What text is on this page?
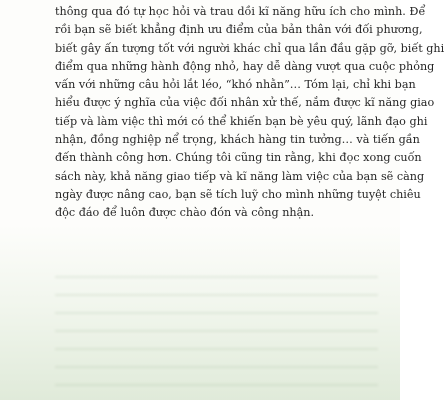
thông qua đó tự học hỏi và trau dồi kĩ năng hữu ích cho mình. Để
rồi bạn sẽ biết khẳng định ưu điểm của bản thân với đối phương,
biết gây ấn tượng tốt với người khác chỉ qua lần đầu gặp gỡ, biết ghi
điểm qua những hành động nhỏ, hay dễ dàng vượt qua cuộc phỏng
vấn với những câu hỏi lắt léo, “khó nhằn”… Tóm lại, chỉ khi bạn
hiểu được ý nghĩa của việc đối nhân xử thế, nắm được kĩ năng giao
tiếp và làm việc thì mới có thể khiến bạn bè yêu quý, lãnh đạo ghi
nhận, đồng nghiệp nể trọng, khách hàng tin tưởng… và tiến gần
đến thành công hơn. Chúng tôi cũng tin rằng, khi đọc xong cuốn
sách này, khả năng giao tiếp và kĩ năng làm việc của bạn sẽ càng
ngày được nâng cao, bạn sẽ tích luỹ cho mình những tuyệt chiêu
độc đáo để luôn được chào đón và công nhận.
